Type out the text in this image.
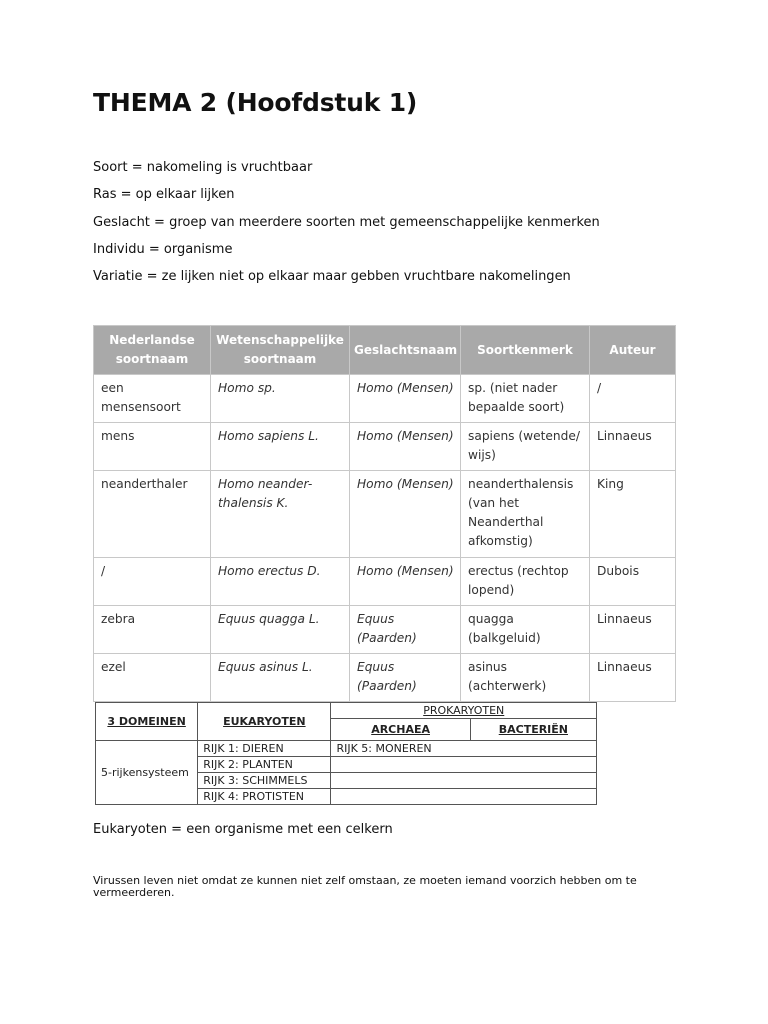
THEMA 2 (Hoofdstuk 1)
Soort = nakomeling is vruchtbaar
Ras = op elkaar lijken
Geslacht = groep van meerdere soorten met gemeenschappelijke kenmerken
Individu = organisme
Variatie = ze lijken niet op elkaar maar gebben vruchtbare nakomelingen
Nederlandse soortnaam	Wetenschappelijke soortnaam	Geslachtsnaam	Soortkenmerk	Auteur
een mensensoort	Homo sp.	Homo (Mensen)	sp. (niet nader bepaalde soort)	/
mens	Homo sapiens L.	Homo (Mensen)	sapiens (wetende/ wijs)	Linnaeus
neanderthaler	Homo neander-thalensis K.	Homo (Mensen)	neanderthalensis (van het Neanderthal afkomstig)	King
/	Homo erectus D.	Homo (Mensen)	erectus (rechtop lopend)	Dubois
zebra	Equus quagga L.	Equus (Paarden)	quagga (balkgeluid)	Linnaeus
ezel	Equus asinus L.	Equus (Paarden)	asinus (achterwerk)	Linnaeus
3 DOMEINEN	EUKARYOTEN	PROKARYOTEN	
		ARCHAEA	BACTERIËN
5-rijkensysteem	RIJK 1: DIEREN	RIJK 5: MONEREN	
	RIJK 2: PLANTEN		
	RIJK 3: SCHIMMELS		
	RIJK 4: PROTISTEN		

Eukaryoten = een organisme met een celkern

Virussen leven niet omdat ze kunnen niet zelf omstaan, ze moeten iemand voorzich hebben om te vermeerderen.
